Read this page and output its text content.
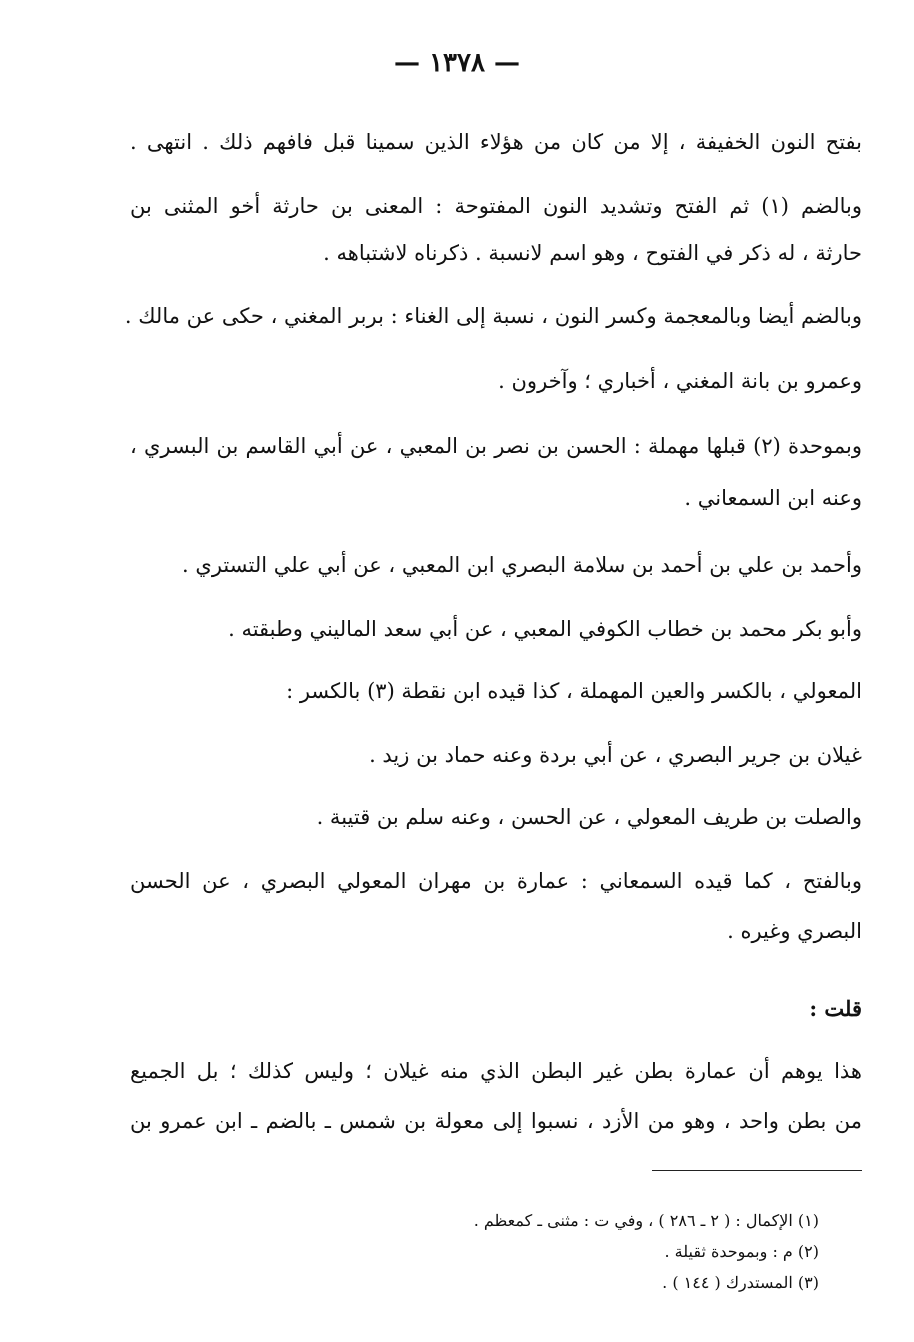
— ١٣٧٨ —
بفتح النون الخفيفة ، إلا من كان من هؤلاء الذين سمينا قبل فافهم ذلك . انتهى .
وبالضم (١) ثم الفتح وتشديد النون المفتوحة : المعنى بن حارثة أخو المثنى بن
حارثة ، له ذكر في الفتوح ، وهو اسم لانسبة . ذكرناه لاشتباهه .
وبالضم أيضا وبالمعجمة وكسر النون ، نسبة إلى الغناء : بربر المغني ، حكى عن مالك .
وعمرو بن بانة المغني ، أخباري ؛ وآخرون .
وبموحدة (٢) قبلها مهملة : الحسن بن نصر بن المعبي ، عن أبي القاسم بن البسري ،
وعنه ابن السمعاني .
وأحمد بن علي بن أحمد بن سلامة البصري ابن المعبي ، عن أبي علي التستري .
وأبو بكر محمد بن خطاب الكوفي المعبي ، عن أبي سعد الماليني وطبقته .
المعولي ، بالكسر والعين المهملة ، كذا قيده ابن نقطة (٣) بالكسر :
غيلان بن جرير البصري ، عن أبي بردة وعنه حماد بن زيد .
والصلت بن طريف المعولي ، عن الحسن ، وعنه سلم بن قتيبة .
وبالفتح ، كما قيده السمعاني : عمارة بن مهران المعولي البصري ، عن الحسن
البصري وغيره .
قلت :
هذا يوهم أن عمارة بطن غير البطن الذي منه غيلان ؛ وليس كذلك ؛ بل الجميع
من بطن واحد ، وهو من الأزد ، نسبوا إلى معولة بن شمس ـ بالضم ـ ابن عمرو بن
(١) الإكمال : ( ٢ ـ ٢٨٦ ) ، وفي ت : مثنى ـ كمعظم .
(٢) م : وبموحدة ثقيلة .
(٣) المستدرك ( ١٤٤ ) .
